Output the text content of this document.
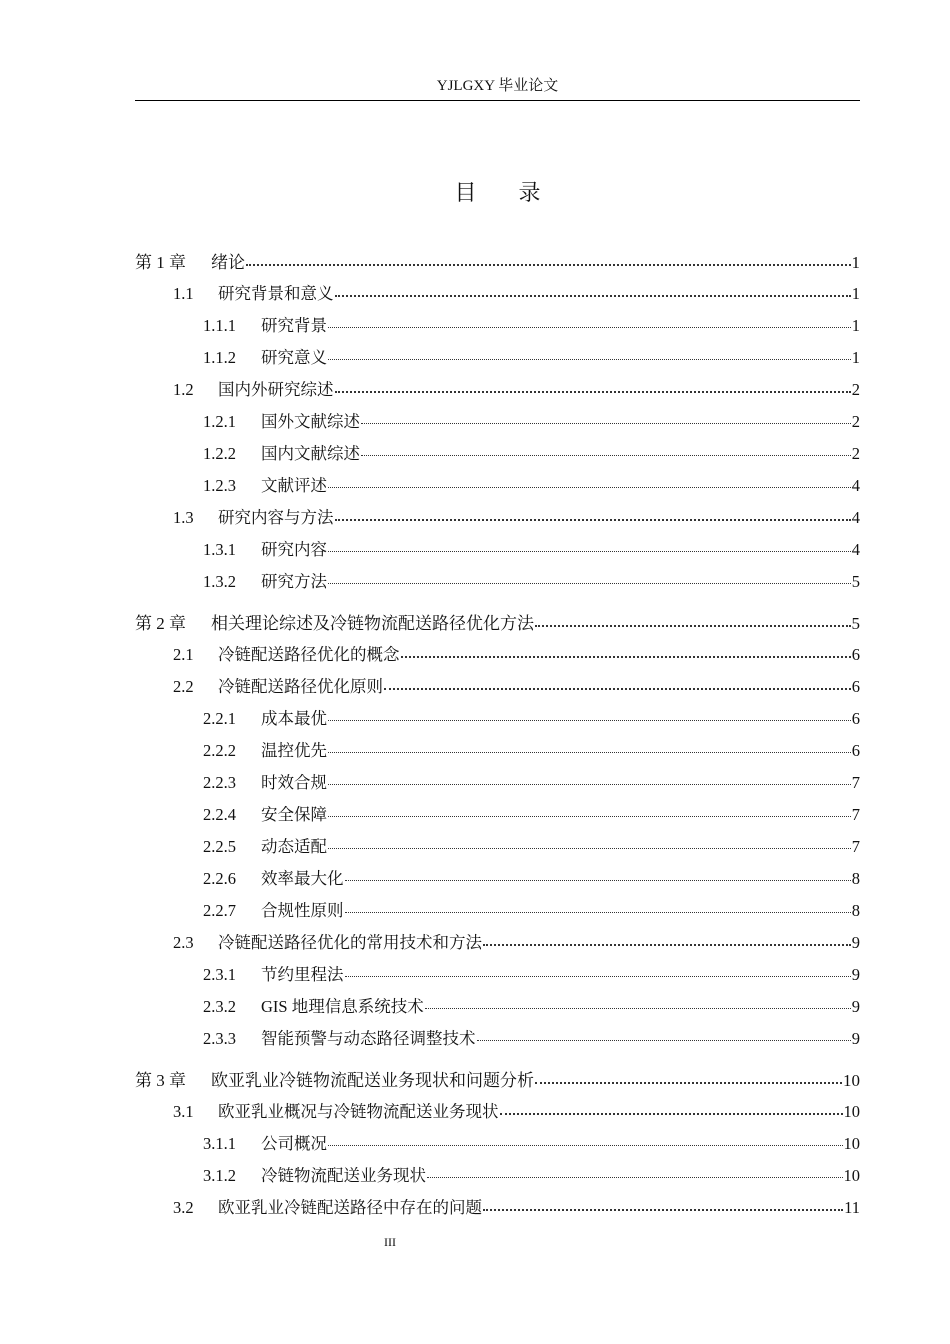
YJLGXY 毕业论文
目 录
第 1 章	绪论	1
1.1	研究背景和意义	1
1.1.1	研究背景	1
1.1.2	研究意义	1
1.2	国内外研究综述	2
1.2.1	国外文献综述	2
1.2.2	国内文献综述	2
1.2.3	文献评述	4
1.3	研究内容与方法	4
1.3.1	研究内容	4
1.3.2	研究方法	5
第 2 章	相关理论综述及冷链物流配送路径优化方法	5
2.1	冷链配送路径优化的概念	6
2.2	冷链配送路径优化原则	6
2.2.1	成本最优	6
2.2.2	温控优先	6
2.2.3	时效合规	7
2.2.4	安全保障	7
2.2.5	动态适配	7
2.2.6	效率最大化	8
2.2.7	合规性原则	8
2.3	冷链配送路径优化的常用技术和方法	9
2.3.1	节约里程法	9
2.3.2	GIS 地理信息系统技术	9
2.3.3	智能预警与动态路径调整技术	9
第 3 章	欧亚乳业冷链物流配送业务现状和问题分析	10
3.1	欧亚乳业概况与冷链物流配送业务现状	10
3.1.1	公司概况	10
3.1.2	冷链物流配送业务现状	10
3.2	欧亚乳业冷链配送路径中存在的问题	11
III
